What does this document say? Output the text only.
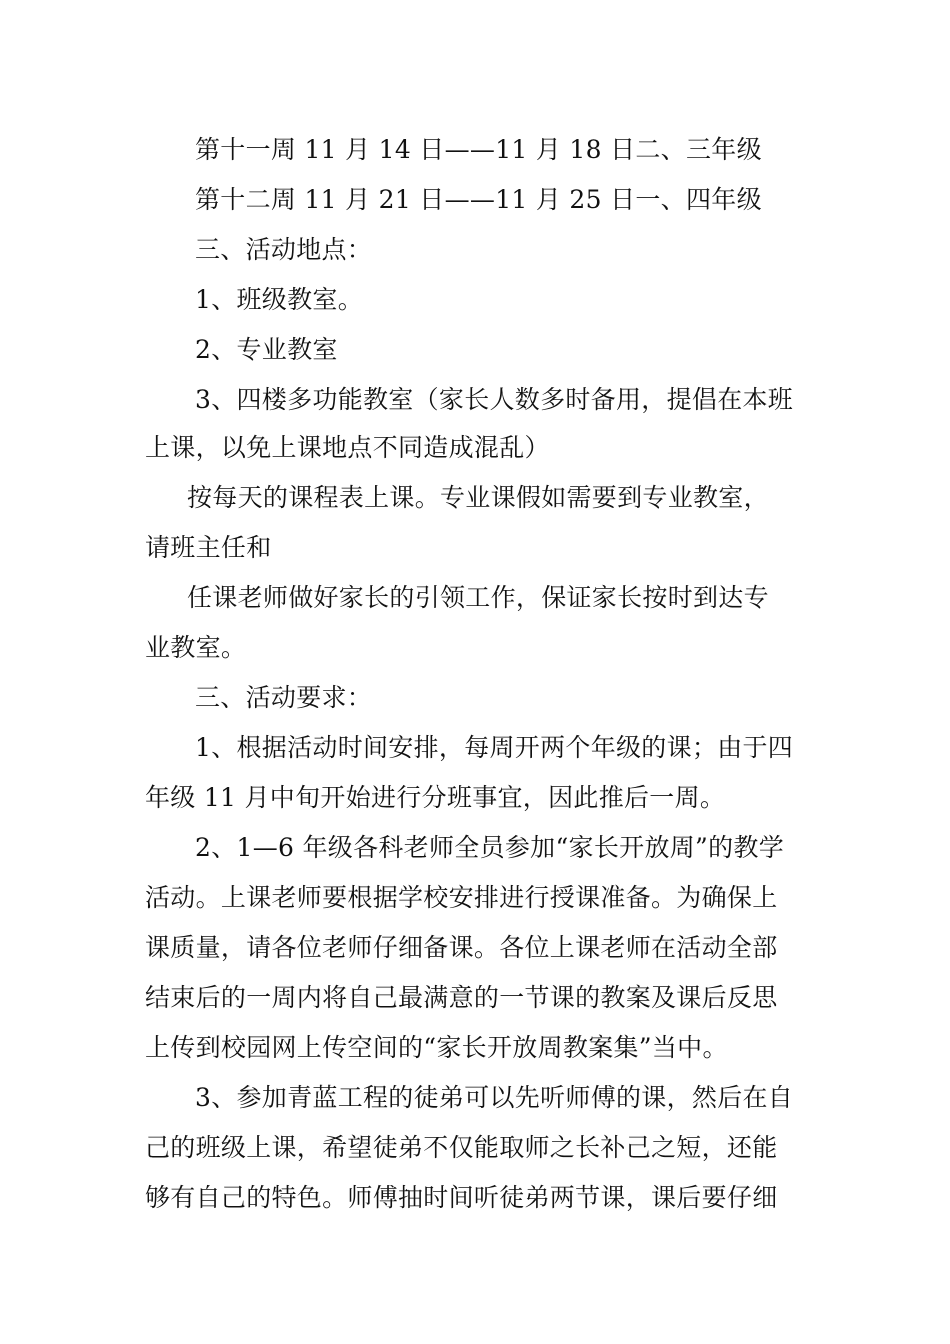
第十一周 11 月 14 日——11 月 18 日二、三年级
第十二周 11 月 21 日——11 月 25 日一、四年级
三、活动地点：
1、班级教室。
2、专业教室
3、四楼多功能教室（家长人数多时备用，提倡在本班
上课，以免上课地点不同造成混乱）
按每天的课程表上课。专业课假如需要到专业教室，
请班主任和
任课老师做好家长的引领工作，保证家长按时到达专
业教室。
三、活动要求：
1、根据活动时间安排，每周开两个年级的课；由于四
年级 11 月中旬开始进行分班事宜，因此推后一周。
2、1—6 年级各科老师全员参加“家长开放周”的教学
活动。上课老师要根据学校安排进行授课准备。为确保上
课质量，请各位老师仔细备课。各位上课老师在活动全部
结束后的一周内将自己最满意的一节课的教案及课后反思
上传到校园网上传空间的“家长开放周教案集”当中。
3、参加青蓝工程的徒弟可以先听师傅的课，然后在自
己的班级上课，希望徒弟不仅能取师之长补己之短，还能
够有自己的特色。师傅抽时间听徒弟两节课，课后要仔细
